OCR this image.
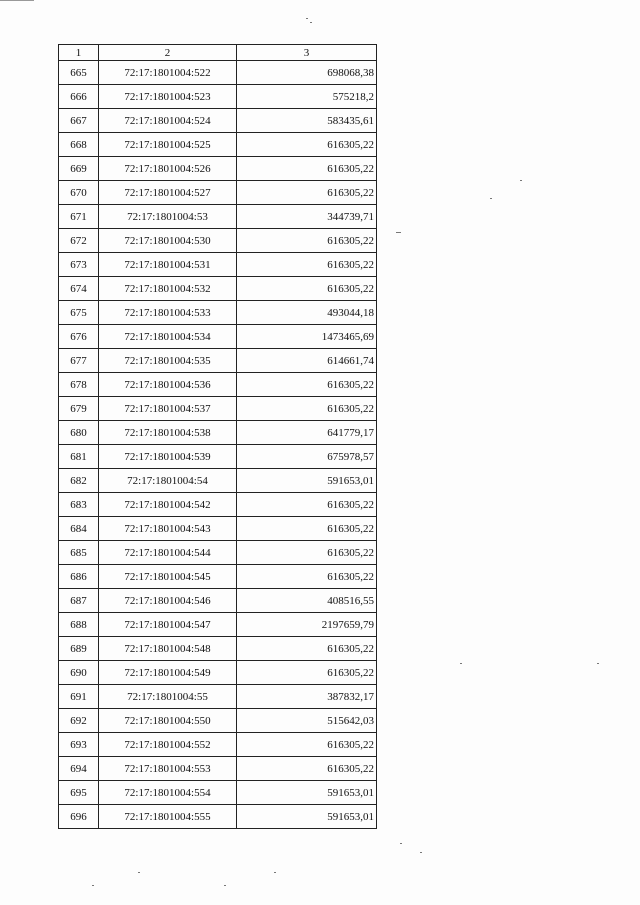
1	2	3
665	72:17:1801004:522	698068,38
666	72:17:1801004:523	575218,2
667	72:17:1801004:524	583435,61
668	72:17:1801004:525	616305,22
669	72:17:1801004:526	616305,22
670	72:17:1801004:527	616305,22
671	72:17:1801004:53	344739,71
672	72:17:1801004:530	616305,22
673	72:17:1801004:531	616305,22
674	72:17:1801004:532	616305,22
675	72:17:1801004:533	493044,18
676	72:17:1801004:534	1473465,69
677	72:17:1801004:535	614661,74
678	72:17:1801004:536	616305,22
679	72:17:1801004:537	616305,22
680	72:17:1801004:538	641779,17
681	72:17:1801004:539	675978,57
682	72:17:1801004:54	591653,01
683	72:17:1801004:542	616305,22
684	72:17:1801004:543	616305,22
685	72:17:1801004:544	616305,22
686	72:17:1801004:545	616305,22
687	72:17:1801004:546	408516,55
688	72:17:1801004:547	2197659,79
689	72:17:1801004:548	616305,22
690	72:17:1801004:549	616305,22
691	72:17:1801004:55	387832,17
692	72:17:1801004:550	515642,03
693	72:17:1801004:552	616305,22
694	72:17:1801004:553	616305,22
695	72:17:1801004:554	591653,01
696	72:17:1801004:555	591653,01
